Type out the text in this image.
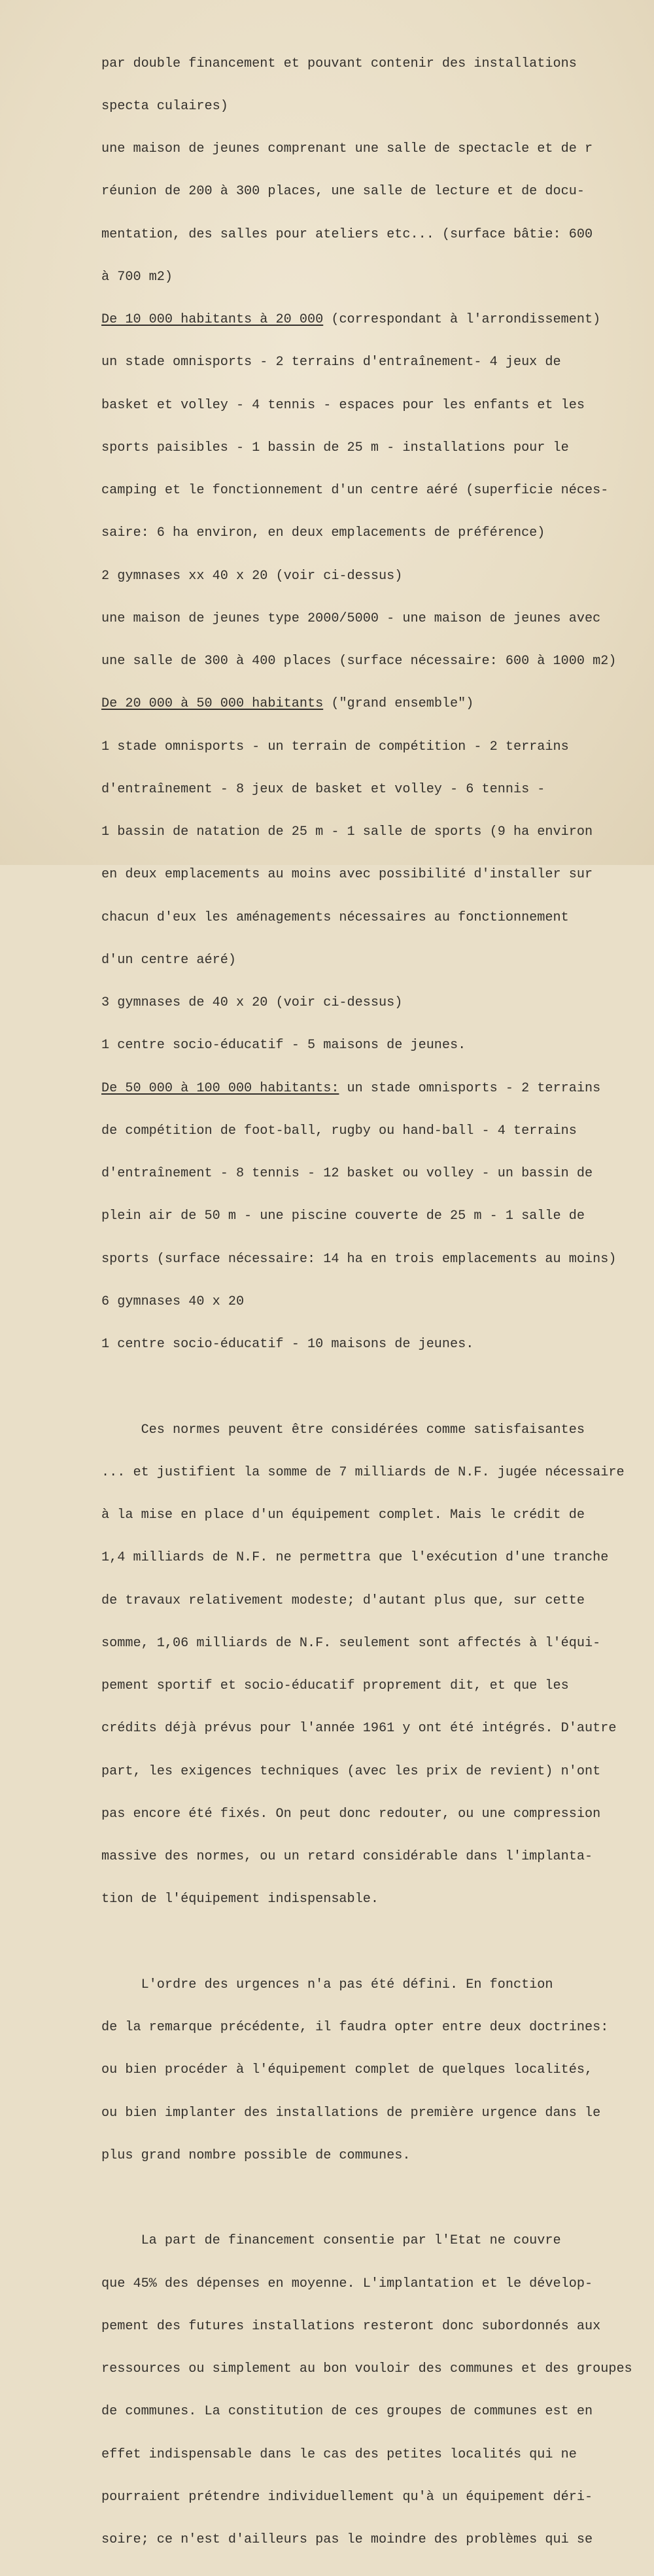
par double financement et pouvant contenir des installations

specta culaires)

une maison de jeunes comprenant une salle de spectacle et de r

réunion de 200 à 300 places, une salle de lecture et de docu-

mentation, des salles pour ateliers etc... (surface bâtie: 600

à 700 m2)

De 10 000 habitants à 20 000 (correspondant à l'arrondissement)

un stade omnisports - 2 terrains d'entraînement- 4 jeux de

basket et volley - 4 tennis - espaces pour les enfants et les

sports paisibles - 1 bassin de 25 m - installations pour le

camping et le fonctionnement d'un centre aéré (superficie néces-

saire: 6 ha environ, en deux emplacements de préférence)

2 gymnases xx 40 x 20 (voir ci-dessus)

une maison de jeunes type 2000/5000 - une maison de jeunes avec

une salle de 300 à 400 places (surface nécessaire: 600 à 1000 m2)

De 20 000 à 50 000 habitants ("grand ensemble")

1 stade omnisports - un terrain de compétition - 2 terrains

d'entraînement - 8 jeux de basket et volley - 6 tennis -

1 bassin de natation de 25 m - 1 salle de sports (9 ha environ

en deux emplacements au moins avec possibilité d'installer sur

chacun d'eux les aménagements nécessaires au fonctionnement

d'un centre aéré)

3 gymnases de 40 x 20 (voir ci-dessus)

1 centre socio-éducatif - 5 maisons de jeunes.

De 50 000 à 100 000 habitants: un stade omnisports - 2 terrains

de compétition de foot-ball, rugby ou hand-ball - 4 terrains

d'entraînement - 8 tennis - 12 basket ou volley - un bassin de

plein air de 50 m - une piscine couverte de 25 m - 1 salle de

sports (surface nécessaire: 14 ha en trois emplacements au moins)

6 gymnases 40 x 20

1 centre socio-éducatif - 10 maisons de jeunes.

Ces normes peuvent être considérées comme satisfaisantes

... et justifient la somme de 7 milliards de N.F. jugée nécessaire

à la mise en place d'un équipement complet. Mais le crédit de

1,4 milliards de N.F. ne permettra que l'exécution d'une tranche

de travaux relativement modeste; d'autant plus que, sur cette

somme, 1,06 milliards de N.F. seulement sont affectés à l'équi-

pement sportif et socio-éducatif proprement dit, et que les

crédits déjà prévus pour l'année 1961 y ont été intégrés. D'autre

part, les exigences techniques (avec les prix de revient) n'ont

pas encore été fixés. On peut donc redouter, ou une compression

massive des normes, ou un retard considérable dans l'implanta-

tion de l'équipement indispensable.

L'ordre des urgences n'a pas été défini. En fonction

de la remarque précédente, il faudra opter entre deux doctrines:

ou bien procéder à l'équipement complet de quelques localités,

ou bien implanter des installations de première urgence dans le

plus grand nombre possible de communes.

La part de financement consentie par l'Etat ne couvre

que 45% des dépenses en moyenne. L'implantation et le dévelop-

pement des futures installations resteront donc subordonnés aux

ressources ou simplement au bon vouloir des communes et des groupes

de communes. La constitution de ces groupes de communes est en

effet indispensable dans le cas des petites localités qui ne

pourraient prétendre individuellement qu'à un équipement déri-

soire; ce n'est d'ailleurs pas le moindre des problèmes qui se
